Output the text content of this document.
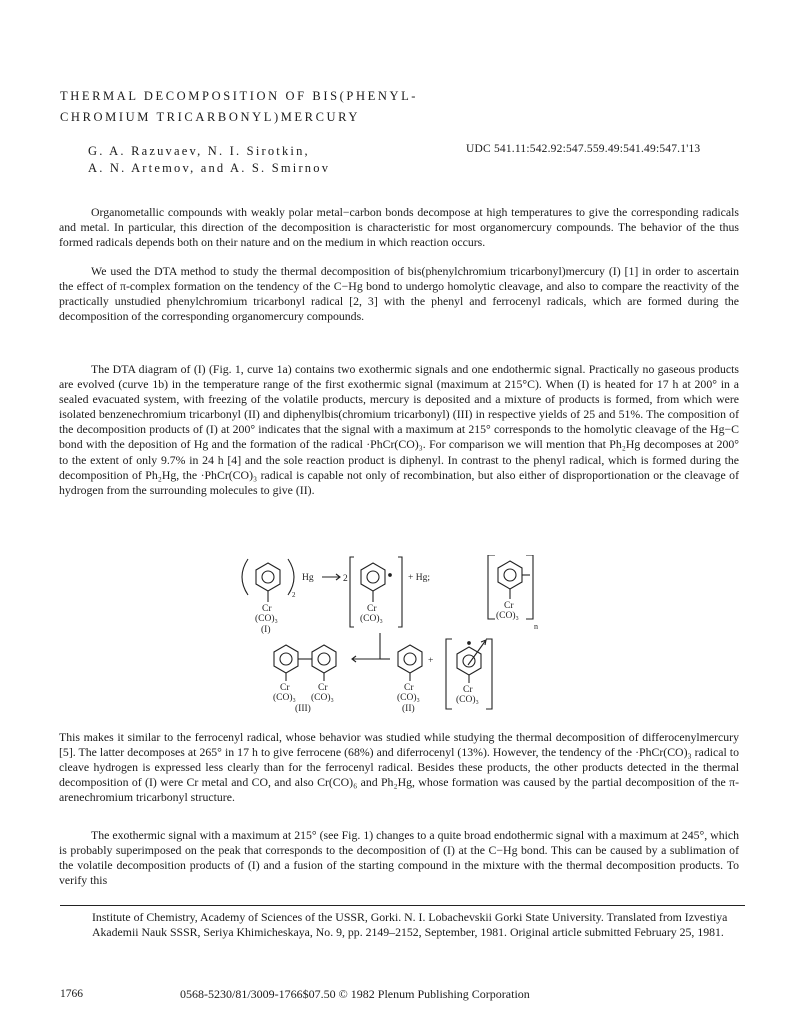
THERMAL DECOMPOSITION OF BIS(PHENYL-
CHROMIUM TRICARBONYL)MERCURY
G. A. Razuvaev, N. I. Sirotkin,
A. N. Artemov, and A. S. Smirnov
UDC 541.11:542.92:547.559.49:541.49:547.1'13

Organometallic compounds with weakly polar metal−carbon bonds decompose at high temperatures to give the corresponding radicals and metal. In particular, this direction of the decomposition is characteristic for most organomercury compounds. The behavior of the thus formed radicals depends both on their nature and on the medium in which reaction occurs.

We used the DTA method to study the thermal decomposition of bis(phenylchromium tricarbonyl)mercury (I) [1] in order to ascertain the effect of π-complex formation on the tendency of the C−Hg bond to undergo homolytic cleavage, and also to compare the reactivity of the practically unstudied phenylchromium tricarbonyl radical [2, 3] with the phenyl and ferrocenyl radicals, which are formed during the decomposition of the corresponding organomercury compounds.

The DTA diagram of (I) (Fig. 1, curve 1a) contains two exothermic signals and one endothermic signal. Practically no gaseous products are evolved (curve 1b) in the temperature range of the first exothermic signal (maximum at 215°C). When (I) is heated for 17 h at 200° in a sealed evacuated system, with freezing of the volatile products, mercury is deposited and a mixture of products is formed, from which were isolated benzenechromium tricarbonyl (II) and diphenylbis(chromium tricarbonyl) (III) in respective yields of 25 and 51%. The composition of the decomposition products of (I) at 200° indicates that the signal with a maximum at 215° corresponds to the homolytic cleavage of the Hg−C bond with the deposition of Hg and the formation of the radical ·PhCr(CO)₃. For comparison we will mention that Ph₂Hg decomposes at 200° to the extent of only 9.7% in 24 h [4] and the sole reaction product is diphenyl. In contrast to the phenyl radical, which is formed during the decomposition of Ph₂Hg, the ·PhCr(CO)₃ radical is capable not only of recombination, but also either of disproportionation or the cleavage of hydrogen from the surrounding molecules to give (II).

Hg
2
2	+ Hg;
Cr
(CO)₃
(I)
Cr
(CO)₃
Cr
(CO)₃
n
Cr
(CO)₃
Cr
(CO)₃
(III)
+
Cr
(CO)₃
(II)
Cr
(CO)₃

This makes it similar to the ferrocenyl radical, whose behavior was studied while studying the thermal decomposition of differocenylmercury [5]. The latter decomposes at 265° in 17 h to give ferrocene (68%) and diferrocenyl (13%). However, the tendency of the ·PhCr(CO)₃ radical to cleave hydrogen is expressed less clearly than for the ferrocenyl radical. Besides these products, the other products detected in the thermal decomposition of (I) were Cr metal and CO, and also Cr(CO)₆ and Ph₂Hg, whose formation was caused by the partial decomposition of the π-arenechromium tricarbonyl structure.

The exothermic signal with a maximum at 215° (see Fig. 1) changes to a quite broad endothermic signal with a maximum at 245°, which is probably superimposed on the peak that corresponds to the decomposition of (I) at the C−Hg bond. This can be caused by a sublimation of the volatile decomposition products of (I) and a fusion of the starting compound in the mixture with the thermal decomposition products. To verify this

Institute of Chemistry, Academy of Sciences of the USSR, Gorki. N. I. Lobachevskii Gorki State University. Translated from Izvestiya Akademii Nauk SSSR, Seriya Khimicheskaya, No. 9, pp. 2149–2152, September, 1981. Original article submitted February 25, 1981.

1766	0568-5230/81/3009-1766$07.50 © 1982 Plenum Publishing Corporation
